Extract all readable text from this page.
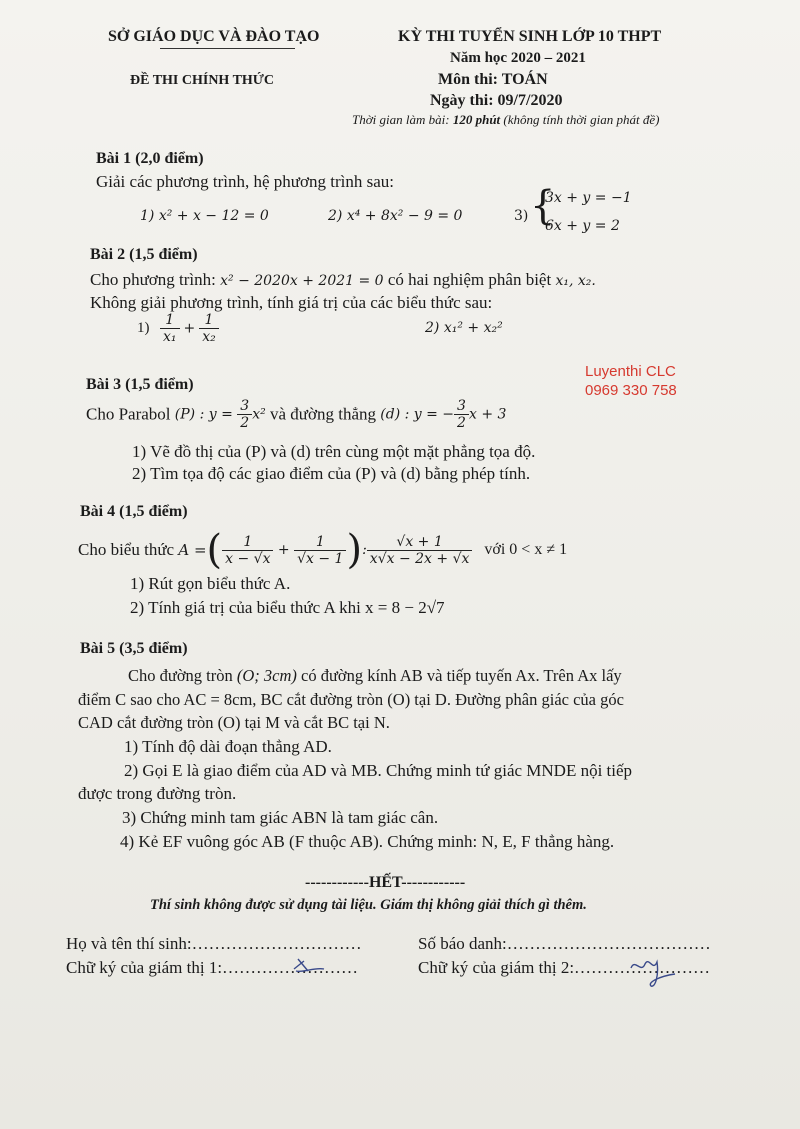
SỞ GIÁO DỤC VÀ ĐÀO TẠO
ĐỀ THI CHÍNH THỨC
KỲ THI TUYỂN SINH LỚP 10 THPT
Năm học 2020 – 2021
Môn thi: TOÁN
Ngày thi: 09/7/2020
Thời gian làm bài: 120 phút (không tính thời gian phát đề)
Bài 1 (2,0 điểm)
Giải các phương trình, hệ phương trình sau:
1) x² + x − 12 = 0	2) x⁴ + 8x² − 9 = 0	3) {
3x + y = −1
6x + y = 2
Bài 2 (1,5 điểm)
Cho phương trình: x² − 2020x + 2021 = 0 có hai nghiệm phân biệt x₁, x₂.
Không giải phương trình, tính giá trị của các biểu thức sau:
$1) \frac{1}{\text{x₁}} + \frac{1}{\text{x₂}}$	2) x₁² + x₂²
Luyenthi CLC
0969 330 758
Bài 3 (1,5 điểm)
Cho Parabol (P) : $y = \frac{3}{2} x^2$ và đường thẳng (d) : y = − $\frac{3}{2}$ x + 3
1) Vẽ đồ thị của (P) và (d) trên cùng một mặt phẳng tọa độ.
2) Tìm tọa độ các giao điểm của (P) và (d) bằng phép tính.
Bài 4 (1,5 điểm)
Cho biểu thức A =( $\frac{1}{x - √x} + \frac{1}{√x - 1}$ ): $\frac{√x + 1}{x√x - 2x + √x}$ với 0 < x ≠ 1
1) Rút gọn biểu thức A.
2) Tính giá trị của biểu thức A khi x = 8 − 2√7
Bài 5 (3,5 điểm)
Cho đường tròn (O; 3cm) có đường kính AB và tiếp tuyến Ax. Trên Ax lấy
điểm C sao cho AC = 8cm, BC cắt đường tròn (O) tại D. Đường phân giác của góc
CAD cắt đường tròn (O) tại M và cắt BC tại N.
1) Tính độ dài đoạn thẳng AD.
2) Gọi E là giao điểm của AD và MB. Chứng minh tứ giác MNDE nội tiếp
được trong đường tròn.
3) Chứng minh tam giác ABN là tam giác cân.
4) Kẻ EF vuông góc AB (F thuộc AB). Chứng minh: N, E, F thẳng hàng.
------------HẾT------------
Thí sinh không được sử dụng tài liệu. Giám thị không giải thích gì thêm.
Họ và tên thí sinh:…………………………	Số báo danh:………………………………
Chữ ký của giám thị 1:……………………	Chữ ký của giám thị 2:……………………
